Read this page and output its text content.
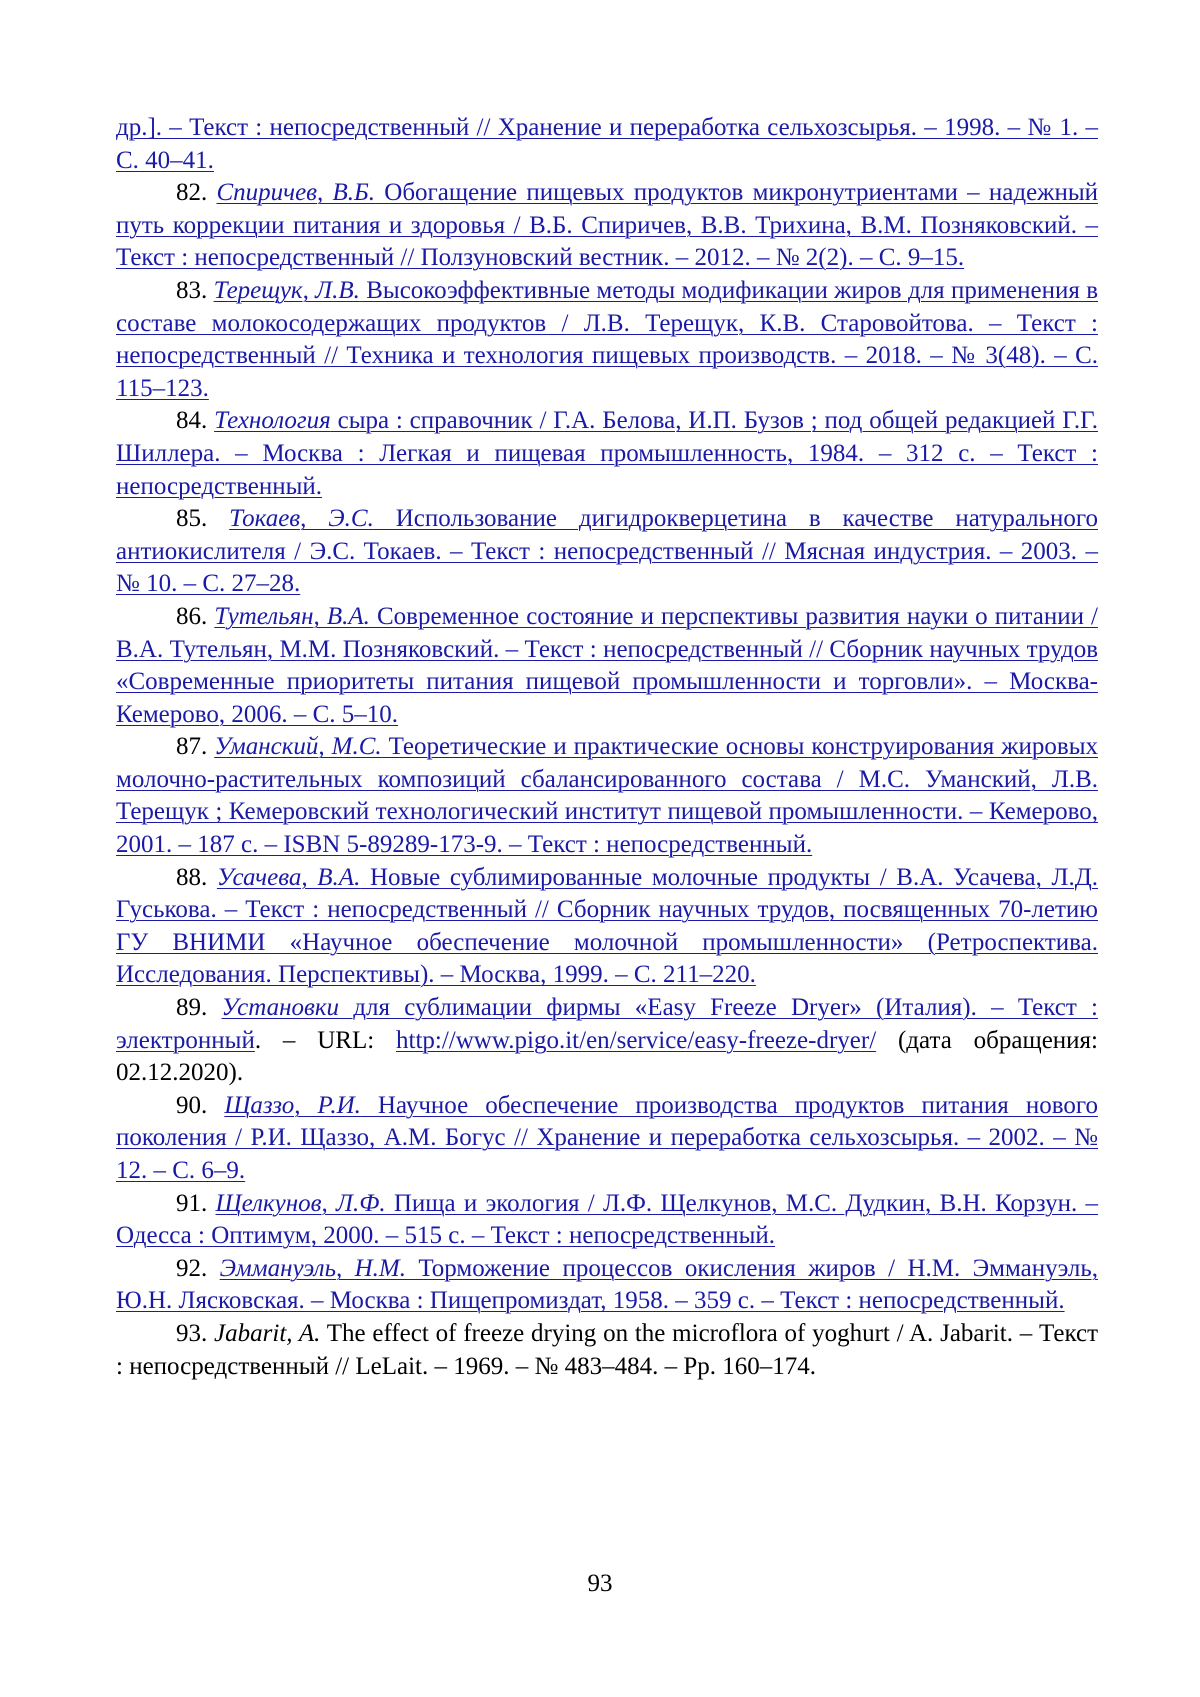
др.]. – Текст : непосредственный // Хранение и переработка сельхозсырья. – 1998. – № 1. – С. 40–41.

82. Спиричев, В.Б. Обогащение пищевых продуктов микронутриентами – надежный путь коррекции питания и здоровья / В.Б. Спиричев, В.В. Трихина, В.М. Позняковский. – Текст : непосредственный // Ползуновский вестник. – 2012. – № 2(2). – С. 9–15.

83. Терещук, Л.В. Высокоэффективные методы модификации жиров для применения в составе молокосодержащих продуктов / Л.В. Терещук, К.В. Старовойтова. – Текст : непосредственный // Техника и технология пищевых производств. – 2018. – № 3(48). – С. 115–123.

84. Технология сыра : справочник / Г.А. Белова, И.П. Бузов ; под общей редакцией Г.Г. Шиллера. – Москва : Легкая и пищевая промышленность, 1984. – 312 с. – Текст : непосредственный.

85. Токаев, Э.С. Использование дигидрокверцетина в качестве натурального антиокислителя / Э.С. Токаев. – Текст : непосредственный // Мясная индустрия. – 2003. – № 10. – С. 27–28.

86. Тутельян, В.А. Современное состояние и перспективы развития науки о питании / В.А. Тутельян, М.М. Позняковский. – Текст : непосредственный // Сборник научных трудов «Современные приоритеты питания пищевой промышленности и торговли». – Москва-Кемерово, 2006. – С. 5–10.

87. Уманский, М.С. Теоретические и практические основы конструирования жировых молочно-растительных композиций сбалансированного состава / М.С. Уманский, Л.В. Терещук ; Кемеровский технологический институт пищевой промышленности. – Кемерово, 2001. – 187 с. – ISBN 5-89289-173-9. – Текст : непосредственный.

88. Усачева, В.А. Новые сублимированные молочные продукты / В.А. Усачева, Л.Д. Гуськова. – Текст : непосредственный // Сборник научных трудов, посвященных 70-летию ГУ ВНИМИ «Научное обеспечение молочной промышленности» (Ретроспектива. Исследования. Перспективы). – Москва, 1999. – С. 211–220.

89. Установки для сублимации фирмы «Easy Freeze Dryer» (Италия). – Текст : электронный. – URL: http://www.pigo.it/en/service/easy-freeze-dryer/ (дата обращения: 02.12.2020).

90. Щаззо, Р.И. Научное обеспечение производства продуктов питания нового поколения / Р.И. Щаззо, А.М. Богус // Хранение и переработка сельхозсырья. – 2002. – № 12. – С. 6–9.

91. Щелкунов, Л.Ф. Пища и экология / Л.Ф. Щелкунов, М.С. Дудкин, В.Н. Корзун. – Одесса : Оптимум, 2000. – 515 с. – Текст : непосредственный.

92. Эммануэль, Н.М. Торможение процессов окисления жиров / Н.М. Эммануэль, Ю.Н. Лясковская. – Москва : Пищепромиздат, 1958. – 359 с. – Текст : непосредственный.

93. Jabarit, A. The effect of freeze drying on the microflora of yoghurt / A. Jabarit. – Текст : непосредственный // LeLait. – 1969. – № 483–484. – Pp. 160–174.

93
